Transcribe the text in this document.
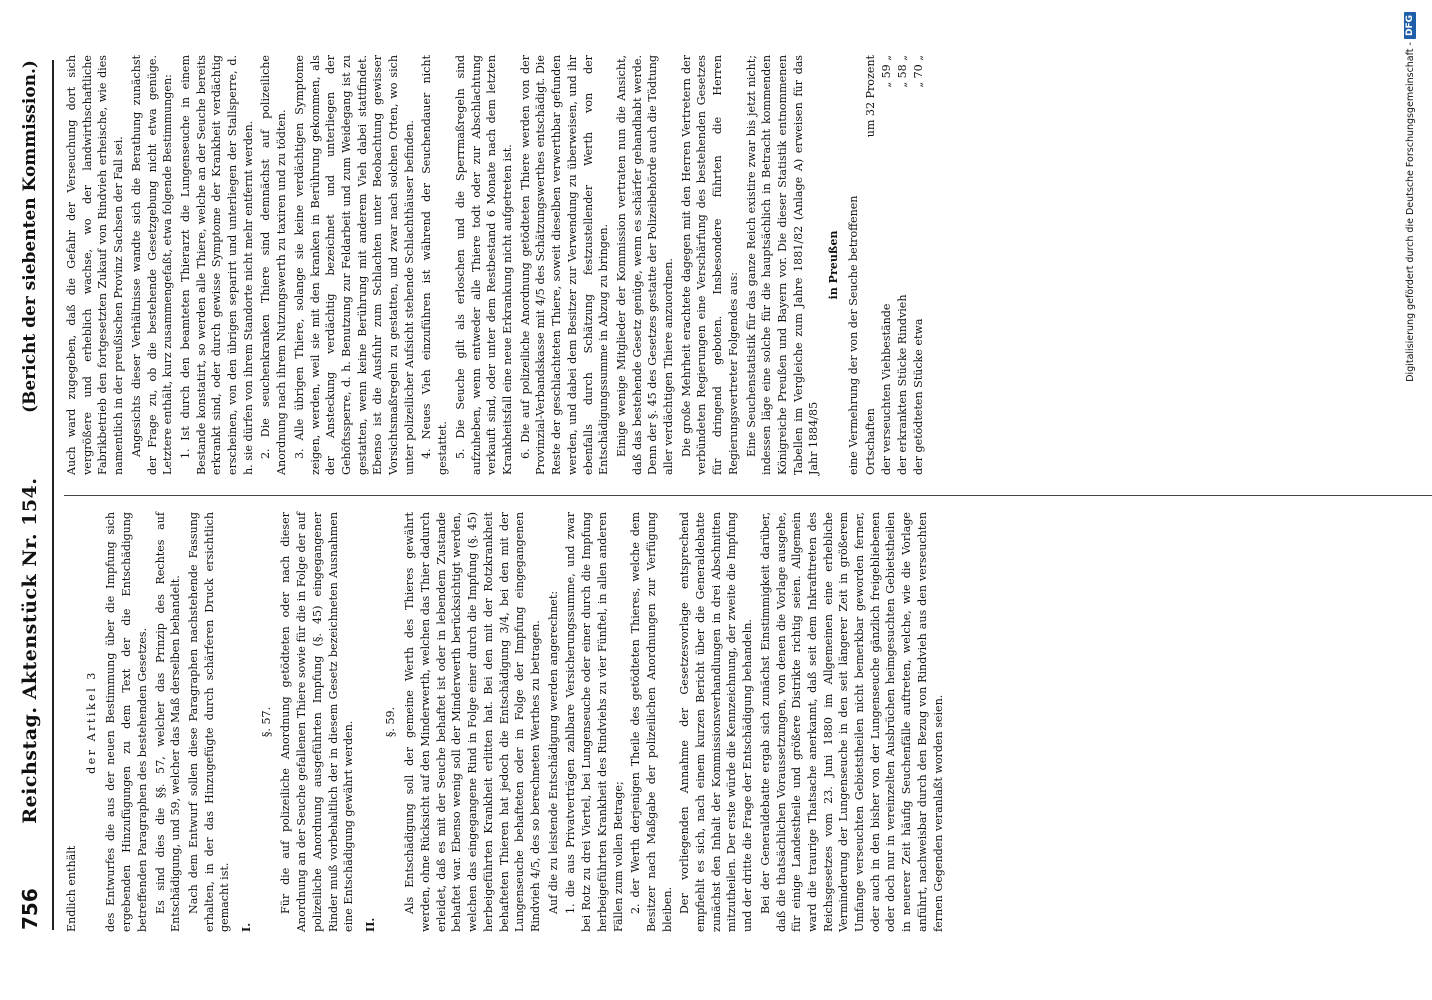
756
Reichstag. Aktenstück Nr. 154.
(Bericht der siebenten Kommission.)

Endlich enthält

der Artikel 3 des Entwurfes die aus der neuen Bestimmung über die Impfung sich ergebenden Hinzufügungen zu dem Text der die Entschädigung betreffenden Paragraphen des bestehenden Gesetzes. Es sind dies die §§. 57, welcher das Prinzip des Rechtes auf Entschädigung, und 59, welcher das Maß derselben behandelt. Nach dem Entwurf sollen diese Paragraphen nachstehende Fassung erhalten, in der das Hinzugefügte durch schärferen Druck ersichtlich gemacht ist. I.

§. 57. Für die auf polizeiliche Anordnung getödteten oder nach dieser Anordnung an der Seuche gefallenen Thiere sowie für die in Folge der auf polizeiliche Anordnung ausgeführten Impfung (§. 45) eingegangener Rinder muß vorbehaltlich der in diesem Gesetz bezeichneten Ausnahmen eine Entschädigung gewährt werden. II.

§. 59. Als Entschädigung soll der gemeine Werth des Thieres gewährt werden, ohne Rücksicht auf den Minderwerth, welchen das Thier dadurch erleidet, daß es mit der Seuche behaftet ist oder in lebendem Zustande behaftet war. Ebenso wenig soll der Minderwerth berücksichtigt werden, welchen das eingegangene Rind in Folge einer durch die Impfung (§. 45) herbeigeführten Krankheit erlitten hat. Bei den mit der Rotzkrankheit behafteten Thieren hat jedoch die Entschädigung 3/4, bei den mit der Lungenseuche behafteten oder in Folge der Impfung eingegangenen Rindvieh 4/5, des so berechneten Werthes zu betragen. Auf die zu leistende Entschädigung werden angerechnet: 1. die aus Privatverträgen zahlbare Versicherungssumme, und zwar bei Rotz zu drei Viertel, bei Lungenseuche oder einer durch die Impfung herbeigeführten Krankheit des Rindviehs zu vier Fünftel, in allen anderen Fällen zum vollen Betrage; 2. der Werth derjenigen Theile des getödteten Thieres, welche dem Besitzer nach Maßgabe der polizeilichen Anordnungen zur Verfügung bleiben. Der vorliegenden Annahme der Gesetzesvorlage entsprechend empfiehlt es sich, nach einem kurzen Bericht über die Generaldebatte zunächst den Inhalt der Kommissionsverhandlungen in drei Abschnitten mitzutheilen. Der erste würde die Kennzeichnung, der zweite die Impfung und der dritte die Frage der Entschädigung behandeln. Bei der Generaldebatte ergab sich zunächst Einstimmigkeit darüber, daß die thatsächlichen Voraussetzungen, von denen die Vorlage ausgehe, für einige Landestheile und größere Distrikte richtig seien. Allgemein ward die traurige Thatsache anerkannt, daß seit dem Inkrafttreten des Reichsgesetzes vom 23. Juni 1880 im Allgemeinen eine erhebliche Verminderung der Lungenseuche in den seit längerer Zeit in größerem Umfange verseuchten Gebietstheilen nicht bemerkbar geworden ferner, oder auch in den bisher von der Lungenseuche gänzlich freigebliebenen oder doch nur in vereinzelten Ausbrüchen heimgesuchten Gebietstheilen in neuerer Zeit häufig Seuchenfälle auftreten, welche, wie die Vorlage anführt, nachweisbar durch den Bezug von Rindvieh aus den verseuchten fernen Gegenden veranlaßt worden seien.

Auch ward zugegeben, daß die Gefahr der Verseuchung dort sich vergrößere und erheblich wachse, wo der landwirthschaftliche Fabrikbetrieb den fortgesetzten Zukauf von Rindvieh erheische, wie dies namentlich in der preußischen Provinz Sachsen der Fall sei. Angesichts dieser Verhältnisse wandte sich die Berathung zunächst der Frage zu, ob die bestehende Gesetzgebung nicht etwa genüge. Letztere enthält, kurz zusammengefaßt, etwa folgende Bestimmungen: 1. Ist durch den beamteten Thierarzt die Lungenseuche in einem Bestande konstatirt, so werden alle Thiere, welche an der Seuche bereits erkrankt sind, oder durch gewisse Symptome der Krankheit verdächtig erscheinen, von den übrigen separirt und unterliegen der Stallsperre, d. h. sie dürfen von ihrem Standorte nicht mehr entfernt werden. 2. Die seuchenkranken Thiere sind demnächst auf polizeiliche Anordnung nach ihrem Nutzungswerth zu taxiren und zu tödten. 3. Alle übrigen Thiere, solange sie keine verdächtigen Symptome zeigen, werden, weil sie mit den kranken in Berührung gekommen, als der Ansteckung verdächtig bezeichnet und unterliegen der Gehöftssperre, d. h. Benutzung zur Feldarbeit und zum Weidegang ist zu gestatten, wenn keine Berührung mit anderem Vieh dabei stattfindet. Ebenso ist die Ausfuhr zum Schlachten unter Beobachtung gewisser Vorsichtsmaßregeln zu gestatten, und zwar nach solchen Orten, wo sich unter polizeilicher Aufsicht stehende Schlachthäuser befinden. 4. Neues Vieh einzuführen ist während der Seuchendauer nicht gestattet. 5. Die Seuche gilt als erloschen und die Sperrmaßregeln sind aufzuheben, wenn entweder alle Thiere todt oder zur Abschlachtung verkauft sind, oder unter dem Restbestand 6 Monate nach dem letzten Krankheitsfall eine neue Erkrankung nicht aufgetreten ist. 6. Die auf polizeiliche Anordnung getödteten Thiere werden von der Provinzial-Verbandskasse mit 4/5 des Schätzungswerthes entschädigt. Die Reste der geschlachteten Thiere, soweit dieselben verwerthbar gefunden werden, und dabei dem Besitzer zur Verwendung zu überweisen, und ihr ebenfalls durch Schätzung festzustellender Werth von der Entschädigungssumme in Abzug zu bringen. Einige wenige Mitglieder der Kommission vertraten nun die Ansicht, daß das bestehende Gesetz genüge, wenn es schärfer gehandhabt werde. Denn der §. 45 des Gesetzes gestatte der Polizeibehörde auch die Tödtung aller verdächtigen Thiere anzuordnen. Die große Mehrheit erachtete dagegen mit den Herren Vertretern der verbündeten Regierungen eine Verschärfung des bestehenden Gesetzes für dringend geboten. Insbesondere führten die Herren Regierungsvertreter Folgendes aus: Eine Seuchenstatistik für das ganze Reich existire zwar bis jetzt nicht; indessen läge eine solche für die hauptsächlich in Betracht kommenden Königreiche Preußen und Bayern vor. Die dieser Statistik entnommenen Tabellen im Vergleiche zum Jahre 1881/82 (Anlage A) erweisen für das Jahr 1884/85

in Preußen eine Vermehrung der von der Seuche betroffenen Ortschaften	um 32 Prozent
der verseuchten Viehbestände	„ 59 „
der erkrankten Stücke Rindvieh	„ 58 „
der getödteten Stücke etwa	„ 70 „	Digitalisierung gefördert durch die Deutsche Forschungsgemeinschaft -
DFG
